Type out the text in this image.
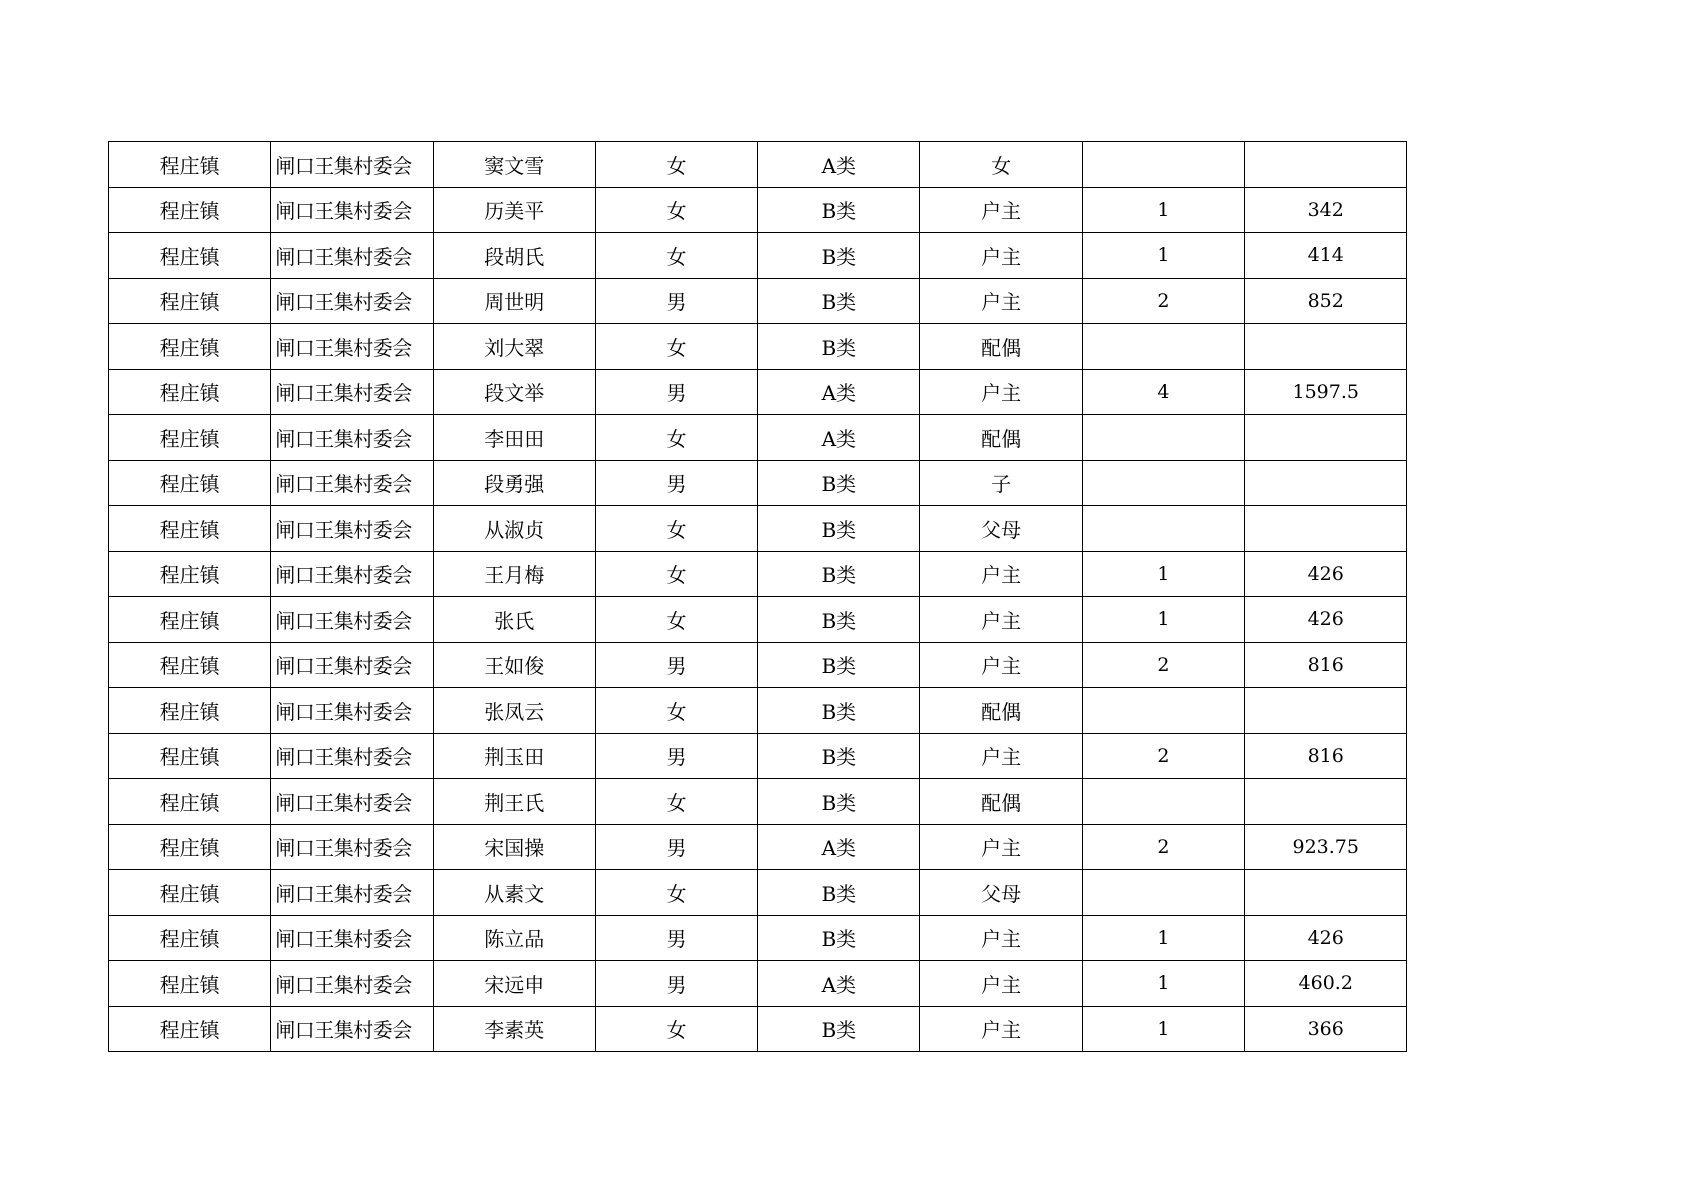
程庄镇	闸口王集村委会	窦文雪	女	A类	女		
程庄镇	闸口王集村委会	历美平	女	B类	户主	1	342
程庄镇	闸口王集村委会	段胡氏	女	B类	户主	1	414
程庄镇	闸口王集村委会	周世明	男	B类	户主	2	852
程庄镇	闸口王集村委会	刘大翠	女	B类	配偶		
程庄镇	闸口王集村委会	段文举	男	A类	户主	4	1597.5
程庄镇	闸口王集村委会	李田田	女	A类	配偶		
程庄镇	闸口王集村委会	段勇强	男	B类	子		
程庄镇	闸口王集村委会	从淑贞	女	B类	父母		
程庄镇	闸口王集村委会	王月梅	女	B类	户主	1	426
程庄镇	闸口王集村委会	张氏	女	B类	户主	1	426
程庄镇	闸口王集村委会	王如俊	男	B类	户主	2	816
程庄镇	闸口王集村委会	张凤云	女	B类	配偶		
程庄镇	闸口王集村委会	荆玉田	男	B类	户主	2	816
程庄镇	闸口王集村委会	荆王氏	女	B类	配偶		
程庄镇	闸口王集村委会	宋国操	男	A类	户主	2	923.75
程庄镇	闸口王集村委会	从素文	女	B类	父母		
程庄镇	闸口王集村委会	陈立品	男	B类	户主	1	426
程庄镇	闸口王集村委会	宋远申	男	A类	户主	1	460.2
程庄镇	闸口王集村委会	李素英	女	B类	户主	1	366
